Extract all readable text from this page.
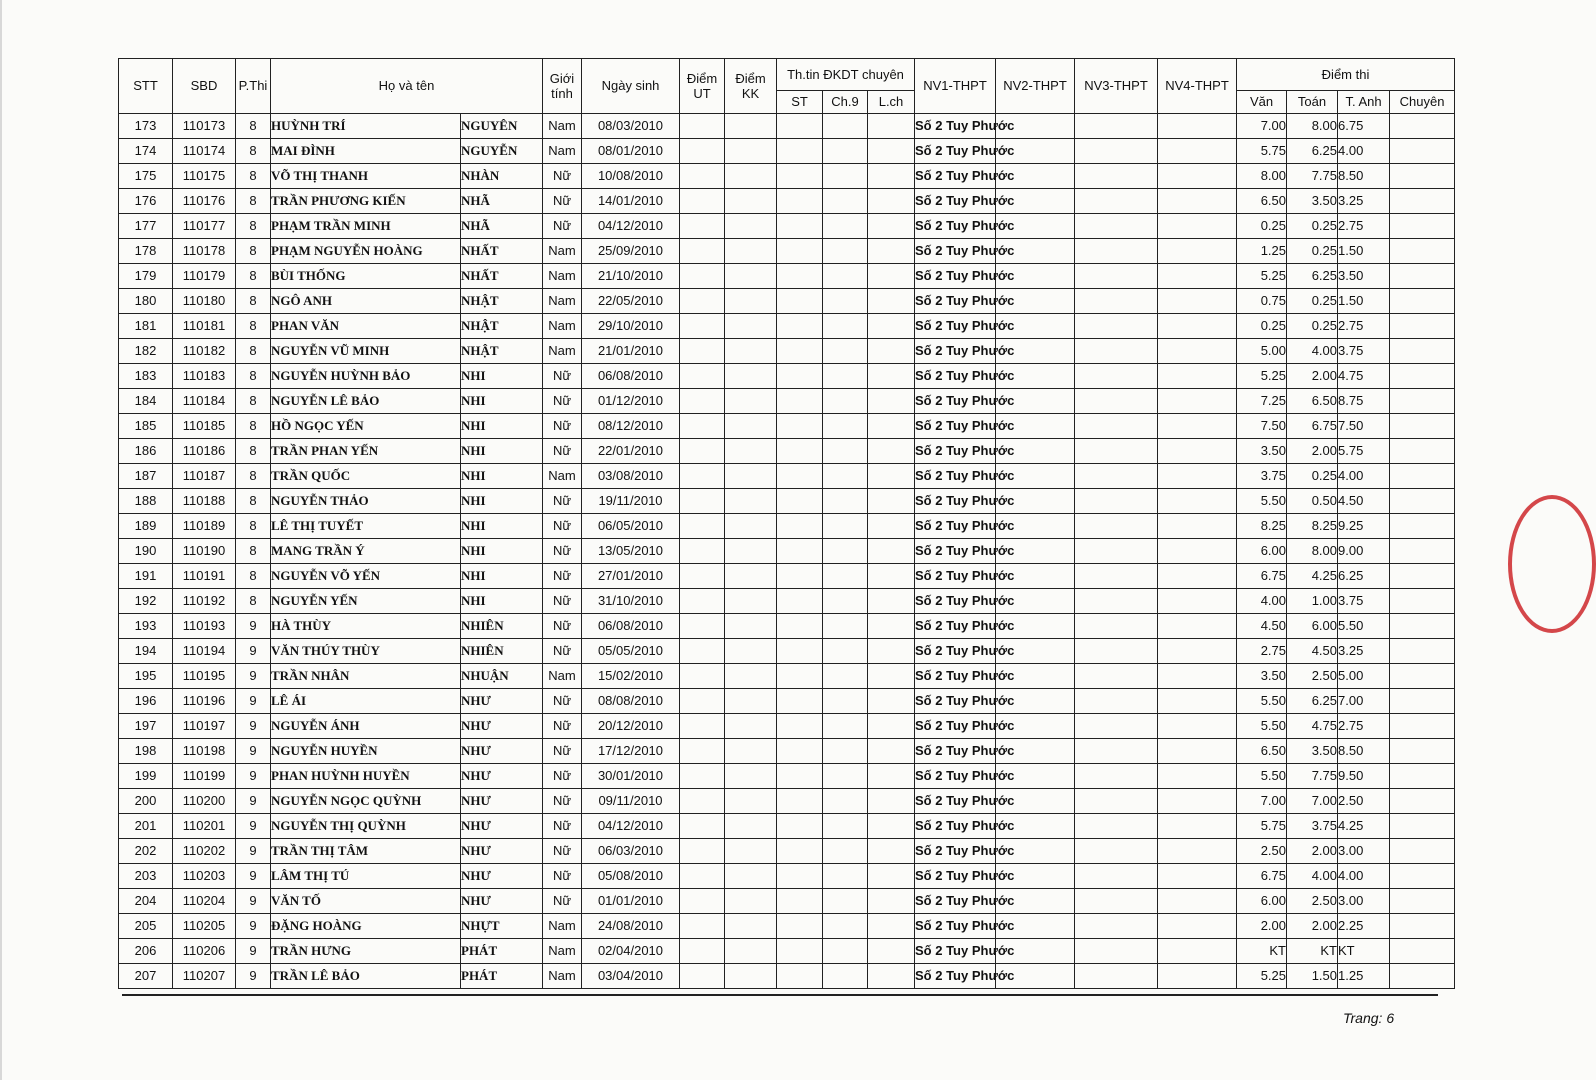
STT	SBD	P.Thi	Họ và tên		Giới tính	Ngày sinh	Điểm UT	Điểm KK	Th.tin ĐKDT chuyên			NV1-THPT	NV2-THPT	NV3-THPT	NV4-THPT	Điểm thi			
									ST	Ch.9	L.ch					Văn	Toán	T. Anh	Chuyên
173	110173	8	HUỲNH TRÍ	NGUYÊN	Nam	08/03/2010						Số 2 Tuy Phước				7.00	8.00	6.75	
174	110174	8	MAI ĐÌNH	NGUYỄN	Nam	08/01/2010						Số 2 Tuy Phước				5.75	6.25	4.00	
175	110175	8	VÕ THỊ THANH	NHÀN	Nữ	10/08/2010						Số 2 Tuy Phước				8.00	7.75	8.50	
176	110176	8	TRẦN PHƯƠNG KIẾN	NHÃ	Nữ	14/01/2010						Số 2 Tuy Phước				6.50	3.50	3.25	
177	110177	8	PHẠM TRẦN MINH	NHÃ	Nữ	04/12/2010						Số 2 Tuy Phước				0.25	0.25	2.75	
178	110178	8	PHẠM NGUYỄN HOÀNG	NHẤT	Nam	25/09/2010						Số 2 Tuy Phước				1.25	0.25	1.50	
179	110179	8	BÙI THỐNG	NHẤT	Nam	21/10/2010						Số 2 Tuy Phước				5.25	6.25	3.50	
180	110180	8	NGÔ ANH	NHẬT	Nam	22/05/2010						Số 2 Tuy Phước				0.75	0.25	1.50	
181	110181	8	PHAN VĂN	NHẬT	Nam	29/10/2010						Số 2 Tuy Phước				0.25	0.25	2.75	
182	110182	8	NGUYỄN VŨ MINH	NHẬT	Nam	21/01/2010						Số 2 Tuy Phước				5.00	4.00	3.75	
183	110183	8	NGUYỄN HUỲNH BẢO	NHI	Nữ	06/08/2010						Số 2 Tuy Phước				5.25	2.00	4.75	
184	110184	8	NGUYỄN LÊ BẢO	NHI	Nữ	01/12/2010						Số 2 Tuy Phước				7.25	6.50	8.75	
185	110185	8	HỒ NGỌC YẾN	NHI	Nữ	08/12/2010						Số 2 Tuy Phước				7.50	6.75	7.50	
186	110186	8	TRẦN PHAN YẾN	NHI	Nữ	22/01/2010						Số 2 Tuy Phước				3.50	2.00	5.75	
187	110187	8	TRẦN QUỐC	NHI	Nam	03/08/2010						Số 2 Tuy Phước				3.75	0.25	4.00	
188	110188	8	NGUYỄN THẢO	NHI	Nữ	19/11/2010						Số 2 Tuy Phước				5.50	0.50	4.50	
189	110189	8	LÊ THỊ TUYẾT	NHI	Nữ	06/05/2010						Số 2 Tuy Phước				8.25	8.25	9.25	
190	110190	8	MANG TRẦN Ý	NHI	Nữ	13/05/2010						Số 2 Tuy Phước				6.00	8.00	9.00	
191	110191	8	NGUYỄN VÕ YẾN	NHI	Nữ	27/01/2010						Số 2 Tuy Phước				6.75	4.25	6.25	
192	110192	8	NGUYỄN YẾN	NHI	Nữ	31/10/2010						Số 2 Tuy Phước				4.00	1.00	3.75	
193	110193	9	HÀ THÙY	NHIÊN	Nữ	06/08/2010						Số 2 Tuy Phước				4.50	6.00	5.50	
194	110194	9	VĂN THÚY THÙY	NHIÊN	Nữ	05/05/2010						Số 2 Tuy Phước				2.75	4.50	3.25	
195	110195	9	TRẦN NHÂN	NHUẬN	Nam	15/02/2010						Số 2 Tuy Phước				3.50	2.50	5.00	
196	110196	9	LÊ ÁI	NHƯ	Nữ	08/08/2010						Số 2 Tuy Phước				5.50	6.25	7.00	
197	110197	9	NGUYỄN ÁNH	NHƯ	Nữ	20/12/2010						Số 2 Tuy Phước				5.50	4.75	2.75	
198	110198	9	NGUYỄN HUYỀN	NHƯ	Nữ	17/12/2010						Số 2 Tuy Phước				6.50	3.50	8.50	
199	110199	9	PHAN HUỲNH HUYỀN	NHƯ	Nữ	30/01/2010						Số 2 Tuy Phước				5.50	7.75	9.50	
200	110200	9	NGUYỄN NGỌC QUỲNH	NHƯ	Nữ	09/11/2010						Số 2 Tuy Phước				7.00	7.00	2.50	
201	110201	9	NGUYỄN THỊ QUỲNH	NHƯ	Nữ	04/12/2010						Số 2 Tuy Phước				5.75	3.75	4.25	
202	110202	9	TRẦN THỊ TÂM	NHƯ	Nữ	06/03/2010						Số 2 Tuy Phước				2.50	2.00	3.00	
203	110203	9	LÂM THỊ TÚ	NHƯ	Nữ	05/08/2010						Số 2 Tuy Phước				6.75	4.00	4.00	
204	110204	9	VĂN TỐ	NHƯ	Nữ	01/01/2010						Số 2 Tuy Phước				6.00	2.50	3.00	
205	110205	9	ĐẶNG HOÀNG	NHỰT	Nam	24/08/2010						Số 2 Tuy Phước				2.00	2.00	2.25	
206	110206	9	TRẦN HƯNG	PHÁT	Nam	02/04/2010						Số 2 Tuy Phước				KT	KT	KT	
207	110207	9	TRẦN LÊ BẢO	PHÁT	Nam	03/04/2010						Số 2 Tuy Phước				5.25	1.50	1.25	
Trang: 6
